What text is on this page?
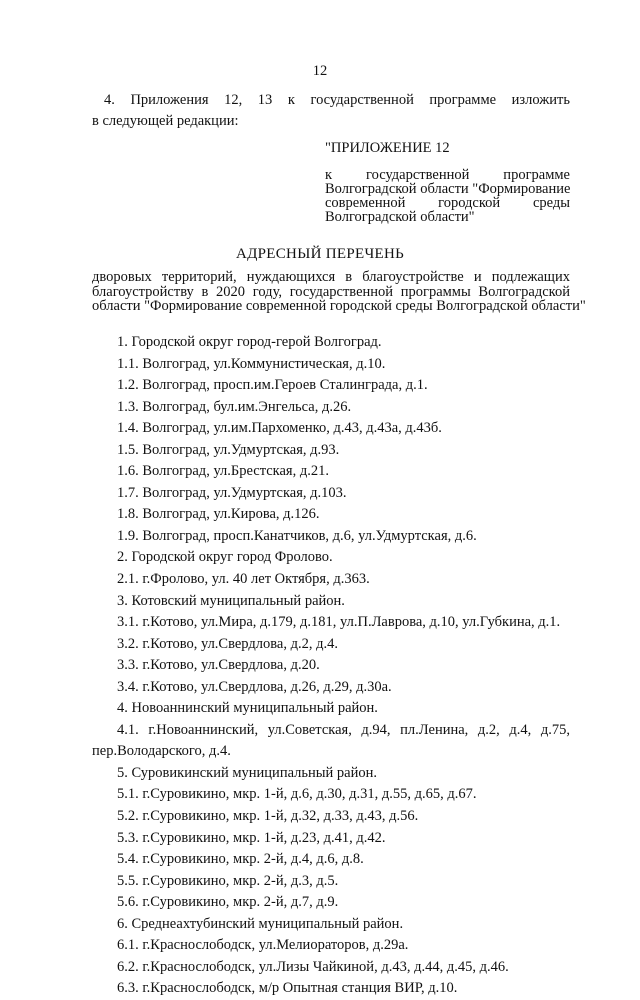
12
4. Приложения 12, 13 к государственной программе изложить
в следующей редакции:
"ПРИЛОЖЕНИЕ 12
к государственной программе
Волгоградской области "Формирование
современной городской среды
Волгоградской области"
АДРЕСНЫЙ ПЕРЕЧЕНЬ
дворовых территорий, нуждающихся в благоустройстве и подлежащих
благоустройству в 2020 году, государственной программы Волгоградской
области "Формирование современной городской среды Волгоградской области"
1. Городской округ город-герой Волгоград.
1.1. Волгоград, ул.Коммунистическая, д.10.
1.2. Волгоград, просп.им.Героев Сталинграда, д.1.
1.3. Волгоград, бул.им.Энгельса, д.26.
1.4. Волгоград, ул.им.Пархоменко, д.43, д.43а, д.43б.
1.5. Волгоград, ул.Удмуртская, д.93.
1.6. Волгоград, ул.Брестская, д.21.
1.7. Волгоград, ул.Удмуртская, д.103.
1.8. Волгоград, ул.Кирова, д.126.
1.9. Волгоград, просп.Канатчиков, д.6, ул.Удмуртская, д.6.
2. Городской округ город Фролово.
2.1. г.Фролово, ул. 40 лет Октября, д.363.
3. Котовский муниципальный район.
3.1. г.Котово, ул.Мира, д.179, д.181, ул.П.Лаврова, д.10, ул.Губкина, д.1.
3.2. г.Котово, ул.Свердлова, д.2, д.4.
3.3. г.Котово, ул.Свердлова, д.20.
3.4. г.Котово, ул.Свердлова, д.26, д.29, д.30а.
4. Новоаннинский муниципальный район.
4.1. г.Новоаннинский, ул.Советская, д.94, пл.Ленина, д.2, д.4, д.75,
пер.Володарского, д.4.
5. Суровикинский муниципальный район.
5.1. г.Суровикино, мкр. 1-й, д.6, д.30, д.31, д.55, д.65, д.67.
5.2. г.Суровикино, мкр. 1-й, д.32, д.33, д.43, д.56.
5.3. г.Суровикино, мкр. 1-й, д.23, д.41, д.42.
5.4. г.Суровикино, мкр. 2-й, д.4, д.6, д.8.
5.5. г.Суровикино, мкр. 2-й, д.3, д.5.
5.6. г.Суровикино, мкр. 2-й, д.7, д.9.
6. Среднеахтубинский муниципальный район.
6.1. г.Краснослободск, ул.Мелиораторов, д.29а.
6.2. г.Краснослободск, ул.Лизы Чайкиной, д.43, д.44, д.45, д.46.
6.3. г.Краснослободск, м/р Опытная станция ВИР, д.10.
